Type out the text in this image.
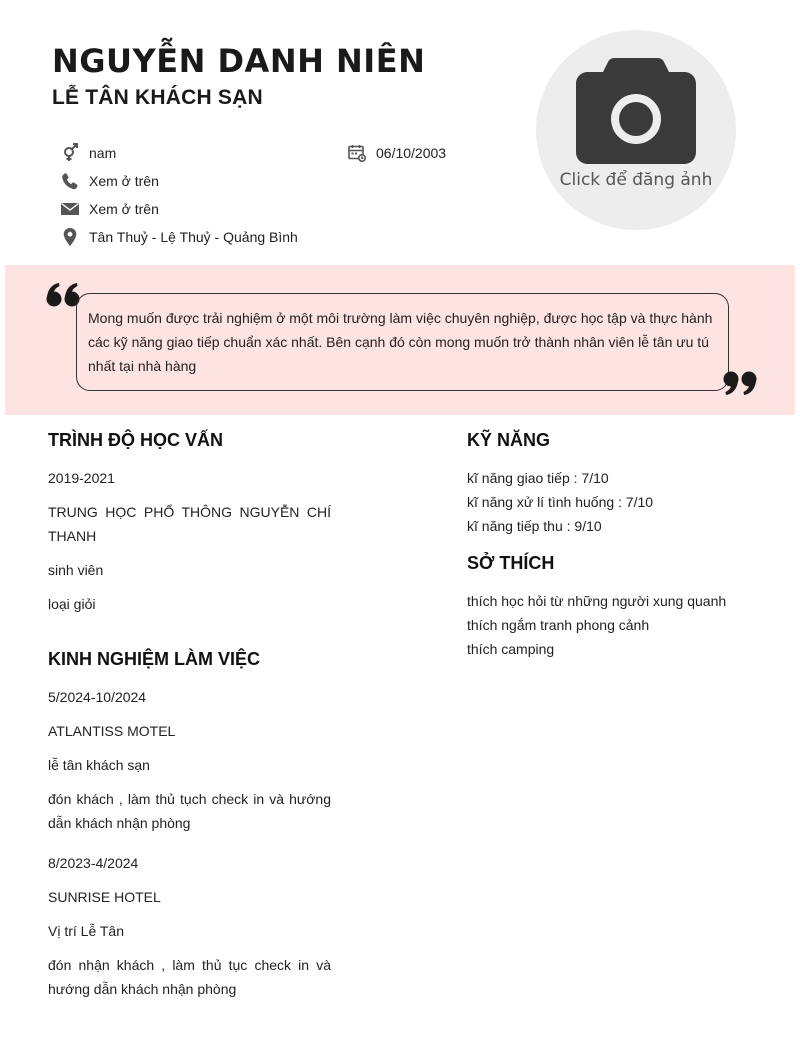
NGUYỄN DANH NIÊN
LỄ TÂN KHÁCH SẠN
nam	06/10/2003
Xem ở trên
Xem ở trên
Tân Thuỷ - Lệ Thuỷ - Quảng Bình
Click để đăng ảnh
Mong muốn được trải nghiệm ở một môi trường làm việc chuyên nghiệp, được học tập và thực hành các kỹ năng giao tiếp chuẩn xác nhất. Bên cạnh đó còn mong muốn trở thành nhân viên lễ tân ưu tú nhất tại nhà hàng
TRÌNH ĐỘ HỌC VẤN

2019-2021

TRUNG HỌC PHỔ THÔNG NGUYỄN CHÍ THANH

sinh viên

loại giỏi

KINH NGHIỆM LÀM VIỆC

5/2024-10/2024

ATLANTISS MOTEL

lễ tân khách sạn

đón khách , làm thủ tụch check in và hướng dẫn khách nhận phòng

8/2023-4/2024

SUNRISE HOTEL

Vị trí Lễ Tân

đón nhận khách , làm thủ tục check in và hướng dẫn khách nhận phòng

KỸ NĂNG
kĩ năng giao tiếp : 7/10
kĩ năng xử lí tình huống : 7/10
kĩ năng tiếp thu : 9/10
SỞ THÍCH
thích học hỏi từ những người xung quanh
thích ngắm tranh phong cảnh
thích camping
